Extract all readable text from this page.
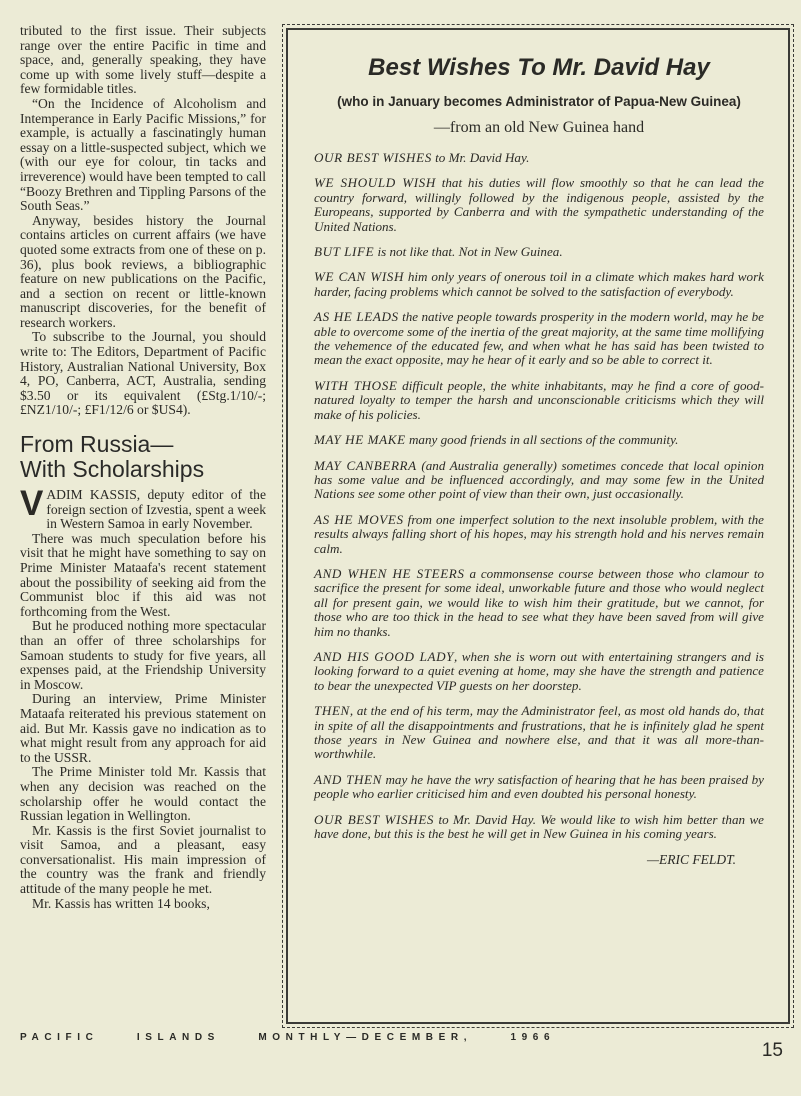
tributed to the first issue. Their subjects range over the entire Pacific in time and space, and, generally speaking, they have come up with some lively stuff—despite a few formidable titles.

“On the Incidence of Alcoholism and Intemperance in Early Pacific Missions,” for example, is actually a fascinatingly human essay on a little-suspected subject, which we (with our eye for colour, tin tacks and irreverence) would have been tempted to call “Boozy Brethren and Tippling Parsons of the South Seas.”

Anyway, besides history the Journal contains articles on current affairs (we have quoted some extracts from one of these on p. 36), plus book reviews, a bibliographic feature on new publications on the Pacific, and a section on recent or little-known manuscript discoveries, for the benefit of research workers.

To subscribe to the Journal, you should write to: The Editors, Department of Pacific History, Australian National University, Box 4, PO, Canberra, ACT, Australia, sending $3.50 or its equivalent (£Stg.1/10/-; £NZ1/10/-; £F1/12/6 or $US4).

From Russia—
With Scholarships

VADIM KASSIS, deputy editor of the foreign section of Izvestia, spent a week in Western Samoa in early November.

There was much speculation before his visit that he might have something to say on Prime Minister Mataafa's recent statement about the possibility of seeking aid from the Communist bloc if this aid was not forthcoming from the West.

But he produced nothing more spectacular than an offer of three scholarships for Samoan students to study for five years, all expenses paid, at the Friendship University in Moscow.

During an interview, Prime Minister Mataafa reiterated his previous statement on aid. But Mr. Kassis gave no indication as to what might result from any approach for aid to the USSR.

The Prime Minister told Mr. Kassis that when any decision was reached on the scholarship offer he would contact the Russian legation in Wellington.

Mr. Kassis is the first Soviet journalist to visit Samoa, and a pleasant, easy conversationalist. His main impression of the country was the frank and friendly attitude of the many people he met.

Mr. Kassis has written 14 books,

Best Wishes To Mr. David Hay
(who in January becomes Administrator of Papua-New Guinea)
—from an old New Guinea hand

OUR BEST WISHES to Mr. David Hay.

WE SHOULD WISH that his duties will flow smoothly so that he can lead the country forward, willingly followed by the indigenous people, assisted by the Europeans, supported by Canberra and with the sympathetic understanding of the United Nations.

BUT LIFE is not like that. Not in New Guinea.

WE CAN WISH him only years of onerous toil in a climate which makes hard work harder, facing problems which cannot be solved to the satisfaction of everybody.

AS HE LEADS the native people towards prosperity in the modern world, may he be able to overcome some of the inertia of the great majority, at the same time mollifying the vehemence of the educated few, and when what he has said has been twisted to mean the exact opposite, may he hear of it early and so be able to correct it.

WITH THOSE difficult people, the white inhabitants, may he find a core of good-natured loyalty to temper the harsh and unconscionable criticisms which they will make of his policies.

MAY HE MAKE many good friends in all sections of the community.

MAY CANBERRA (and Australia generally) sometimes concede that local opinion has some value and be influenced accordingly, and may some few in the United Nations see some other point of view than their own, just occasionally.

AS HE MOVES from one imperfect solution to the next insoluble problem, with the results always falling short of his hopes, may his strength hold and his nerves remain calm.

AND WHEN HE STEERS a commonsense course between those who clamour to sacrifice the present for some ideal, unworkable future and those who would neglect all for present gain, we would like to wish him their gratitude, but we cannot, for those who are too thick in the head to see what they have been saved from will give him no thanks.

AND HIS GOOD LADY, when she is worn out with entertaining strangers and is looking forward to a quiet evening at home, may she have the strength and patience to bear the unexpected VIP guests on her doorstep.

THEN, at the end of his term, may the Administrator feel, as most old hands do, that in spite of all the disappointments and frustrations, that he is infinitely glad he spent those years in New Guinea and nowhere else, and that it was all more-than-worthwhile.

AND THEN may he have the wry satisfaction of hearing that he has been praised by people who earlier criticised him and even doubted his personal honesty.

OUR BEST WISHES to Mr. David Hay. We would like to wish him better than we have done, but this is the best he will get in New Guinea in his coming years.

—ERIC FELDT.
PACIFIC	ISLANDS	MONTHLY—DECEMBER,	1966
15
